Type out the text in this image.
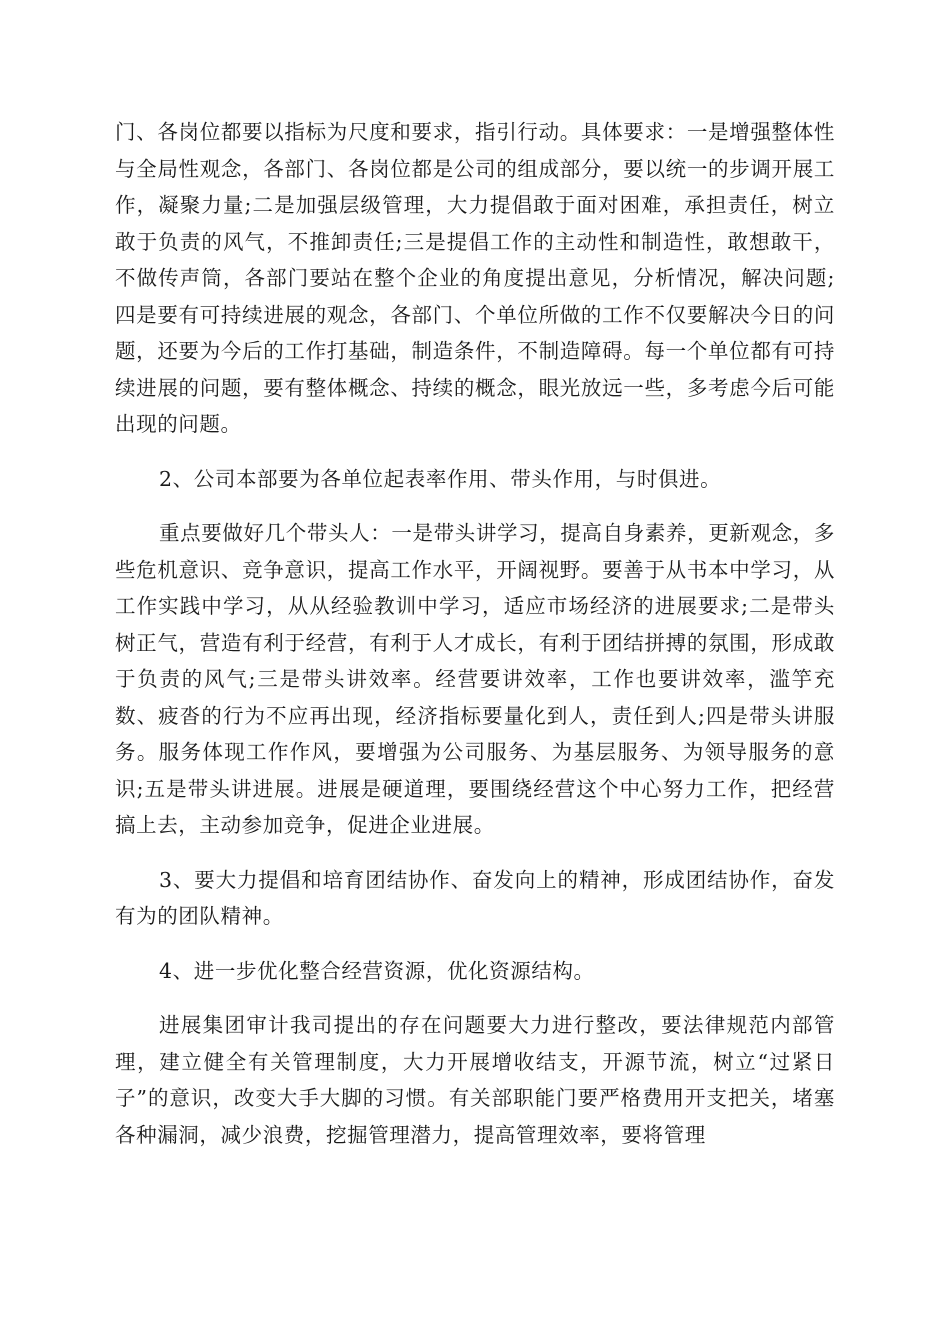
门、各岗位都要以指标为尺度和要求，指引行动。具体要求：一是增强整体性与全局性观念，各部门、各岗位都是公司的组成部分，要以统一的步调开展工作，凝聚力量;二是加强层级管理，大力提倡敢于面对困难，承担责任，树立敢于负责的风气，不推卸责任;三是提倡工作的主动性和制造性，敢想敢干，不做传声筒，各部门要站在整个企业的角度提出意见，分析情况，解决问题;四是要有可持续进展的观念，各部门、个单位所做的工作不仅要解决今日的问题，还要为今后的工作打基础，制造条件，不制造障碍。每一个单位都有可持续进展的问题，要有整体概念、持续的概念，眼光放远一些，多考虑今后可能出现的问题。

2、公司本部要为各单位起表率作用、带头作用，与时俱进。

重点要做好几个带头人：一是带头讲学习，提高自身素养，更新观念，多些危机意识、竞争意识，提高工作水平，开阔视野。要善于从书本中学习，从工作实践中学习，从从经验教训中学习，适应市场经济的进展要求;二是带头树正气，营造有利于经营，有利于人才成长，有利于团结拼搏的氛围，形成敢于负责的风气;三是带头讲效率。经营要讲效率，工作也要讲效率，滥竽充数、疲沓的行为不应再出现，经济指标要量化到人，责任到人;四是带头讲服务。服务体现工作作风，要增强为公司服务、为基层服务、为领导服务的意识;五是带头讲进展。进展是硬道理，要围绕经营这个中心努力工作，把经营搞上去，主动参加竞争，促进企业进展。

3、要大力提倡和培育团结协作、奋发向上的精神，形成团结协作，奋发有为的团队精神。

4、进一步优化整合经营资源，优化资源结构。

进展集团审计我司提出的存在问题要大力进行整改，要法律规范内部管理，建立健全有关管理制度，大力开展增收结支，开源节流，树立“过紧日子”的意识，改变大手大脚的习惯。有关部职能门要严格费用开支把关，堵塞各种漏洞，减少浪费，挖掘管理潜力，提高管理效率，要将管理
